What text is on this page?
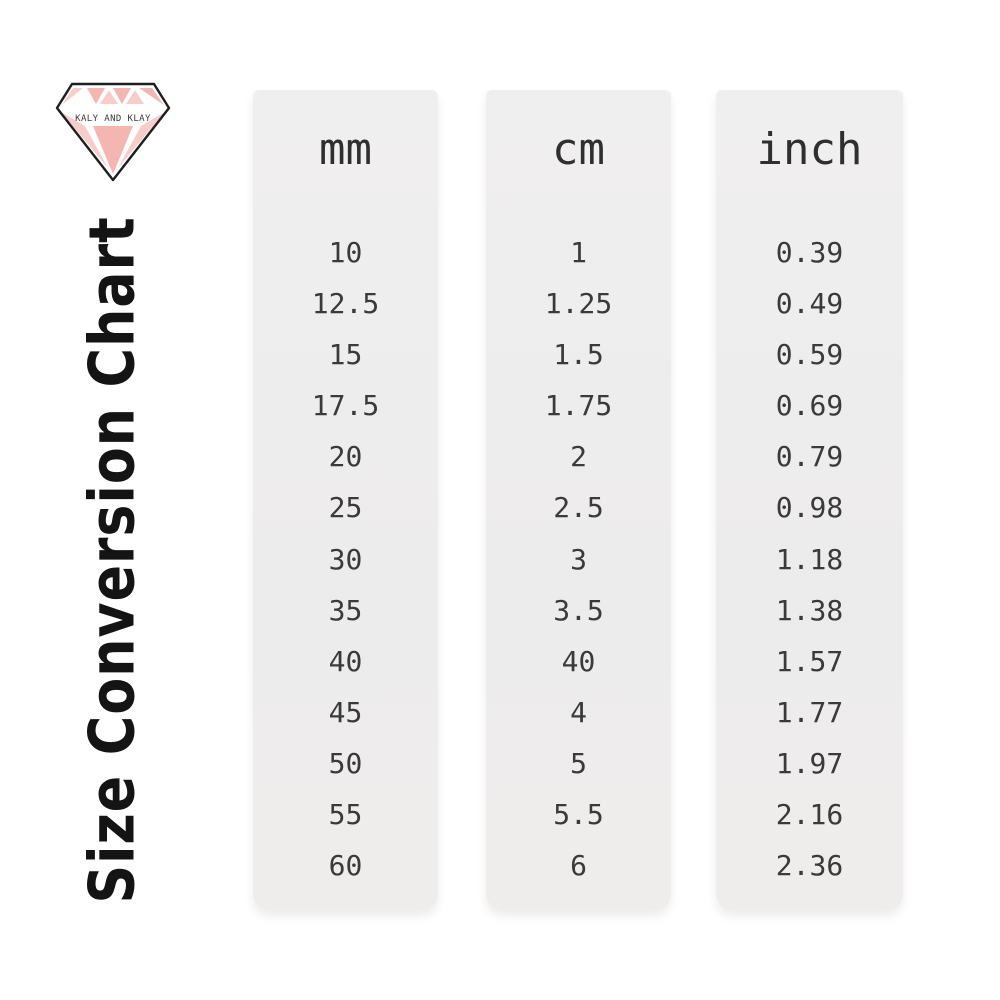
KALY AND KLAY
Size Conversion Chart
mm
10
12.5
15
17.5
20
25
30
35
40
45
50
55
60
cm
1
1.25
1.5
1.75
2
2.5
3
3.5
40
4
5
5.5
6
inch
0.39
0.49
0.59
0.69
0.79
0.98
1.18
1.38
1.57
1.77
1.97
2.16
2.36
